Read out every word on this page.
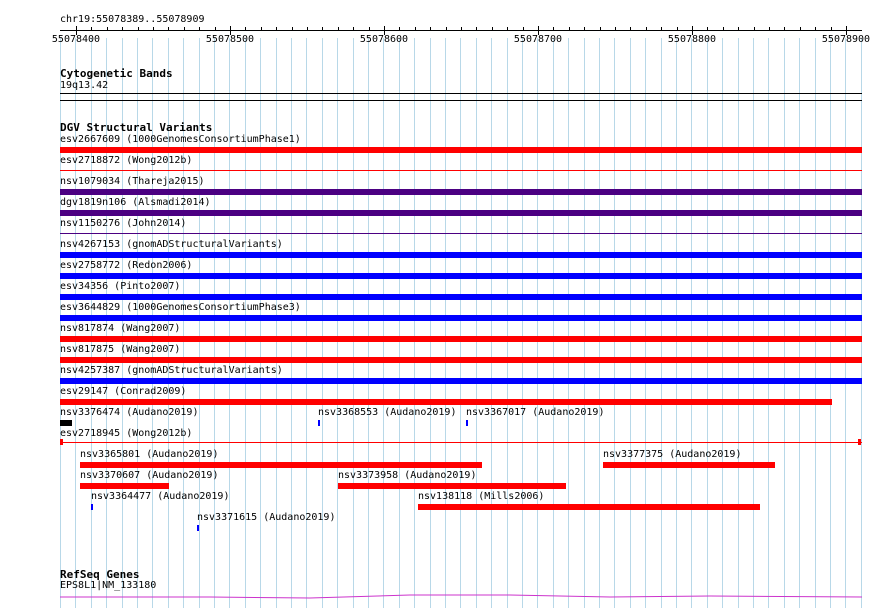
chr19:55078389..55078909
55078400	55078500	55078600	55078700	55078800	55078900
Cytogenetic Bands
19q13.42
DGV Structural Variants
esv2667609 (1000GenomesConsortiumPhase1)
esv2718872 (Wong2012b)
nsv1079034 (Thareja2015)
dgv1819n106 (Alsmadi2014)
nsv1150276 (John2014)
nsv4267153 (gnomADStructuralVariants)
esv2758772 (Redon2006)
esv34356 (Pinto2007)
esv3644829 (1000GenomesConsortiumPhase3)
nsv817874 (Wang2007)
nsv817875 (Wang2007)
nsv4257387 (gnomADStructuralVariants)
esv29147 (Conrad2009)
nsv3376474 (Audano2019)	nsv3368553 (Audano2019) nsv3367017 (Audano2019)
esv2718945 (Wong2012b)
nsv3365801 (Audano2019)	nsv3377375 (Audano2019)
nsv3370607 (Audano2019)	nsv3373958 (Audano2019)
nsv3364477 (Audano2019)	nsv138118 (Mills2006)
nsv3371615 (Audano2019)
RefSeq Genes
EPS8L1|NM_133180
